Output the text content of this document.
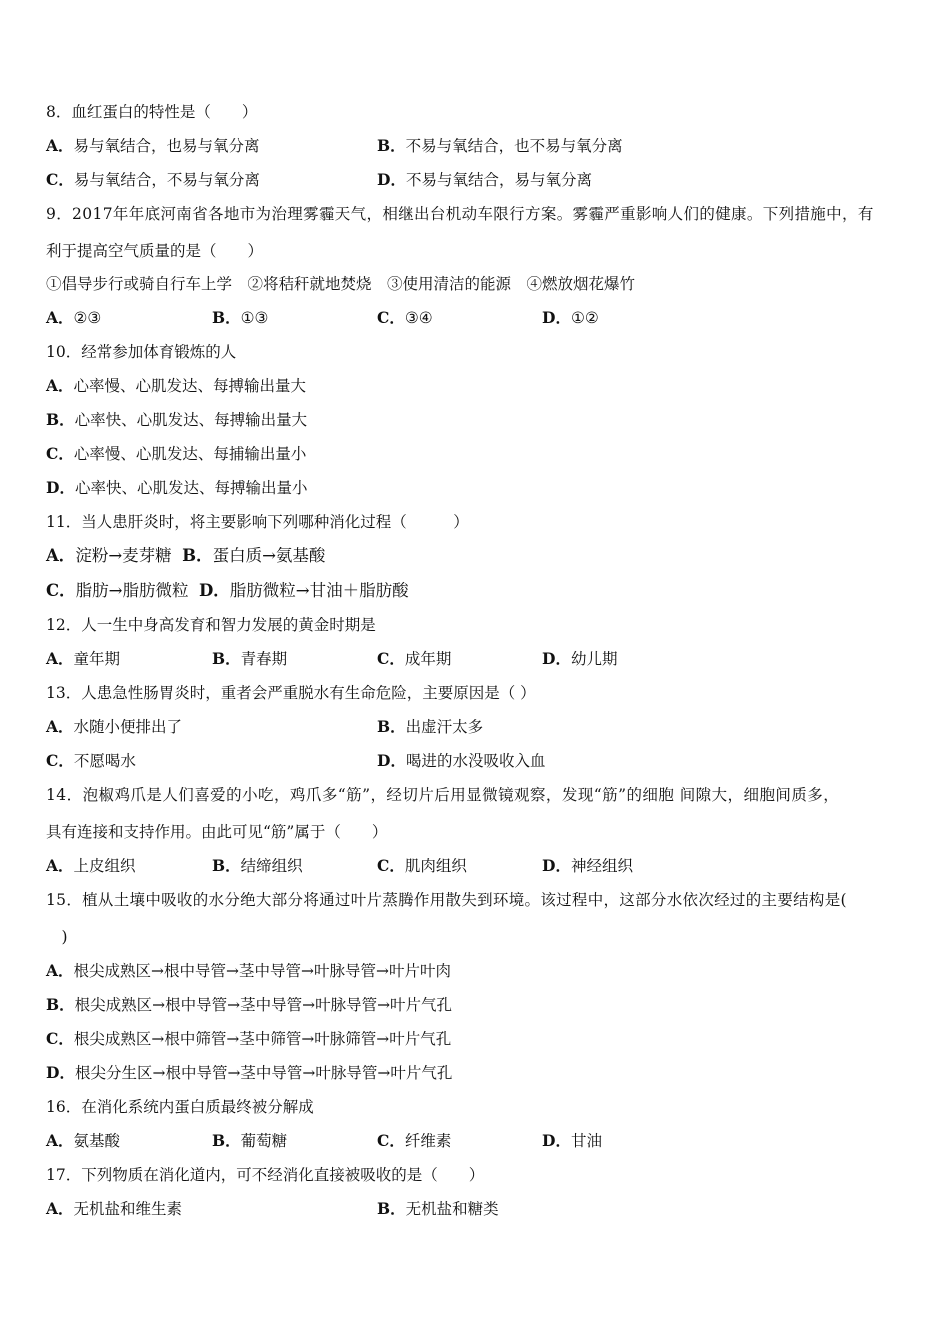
8．血红蛋白的特性是（　　）
A．易与氧结合，也易与氧分离	B．不易与氧结合，也不易与氧分离
C．易与氧结合，不易与氧分离	D．不易与氧结合，易与氧分离
9．2017年年底河南省各地市为治理雾霾天气，相继出台机动车限行方案。雾霾严重影响人们的健康。下列措施中，有
利于提高空气质量的是（　　）
①倡导步行或骑自行车上学　②将秸秆就地焚烧　③使用清洁的能源　④燃放烟花爆竹
A．②③	B．①③	C．③④	D．①②
10．经常参加体育锻炼的人
A．心率慢、心肌发达、每搏输出量大
B．心率快、心肌发达、每搏输出量大
C．心率慢、心肌发达、每捕输出量小
D．心率快、心肌发达、每搏输出量小
11．当人患肝炎时，将主要影响下列哪种消化过程（　　　）
A．淀粉→麦芽糖 B．蛋白质→氨基酸
C．脂肪→脂肪微粒 D．脂肪微粒→甘油＋脂肪酸
12．人一生中身高发育和智力发展的黄金时期是
A．童年期	B．青春期	C．成年期	D．幼儿期
13．人患急性肠胃炎时，重者会严重脱水有生命危险，主要原因是（ ）
A．水随小便排出了	B．出虚汗太多
C．不愿喝水	D．喝进的水没吸收入血
14．泡椒鸡爪是人们喜爱的小吃，鸡爪多“筋”，经切片后用显微镜观察，发现“筋”的细胞 间隙大，细胞间质多，
具有连接和支持作用。由此可见“筋”属于（　　）
A．上皮组织	B．结缔组织	C．肌肉组织	D．神经组织
15．植从土壤中吸收的水分绝大部分将通过叶片蒸腾作用散失到环境。该过程中，这部分水依次经过的主要结构是(
　)
A．根尖成熟区→根中导管→茎中导管→叶脉导管→叶片叶肉
B．根尖成熟区→根中导管→茎中导管→叶脉导管→叶片气孔
C．根尖成熟区→根中筛管→茎中筛管→叶脉筛管→叶片气孔
D．根尖分生区→根中导管→茎中导管→叶脉导管→叶片气孔
16．在消化系统内蛋白质最终被分解成
A．氨基酸	B．葡萄糖	C．纤维素	D．甘油
17．下列物质在消化道内，可不经消化直接被吸收的是（　　）
A．无机盐和维生素	B．无机盐和糖类
